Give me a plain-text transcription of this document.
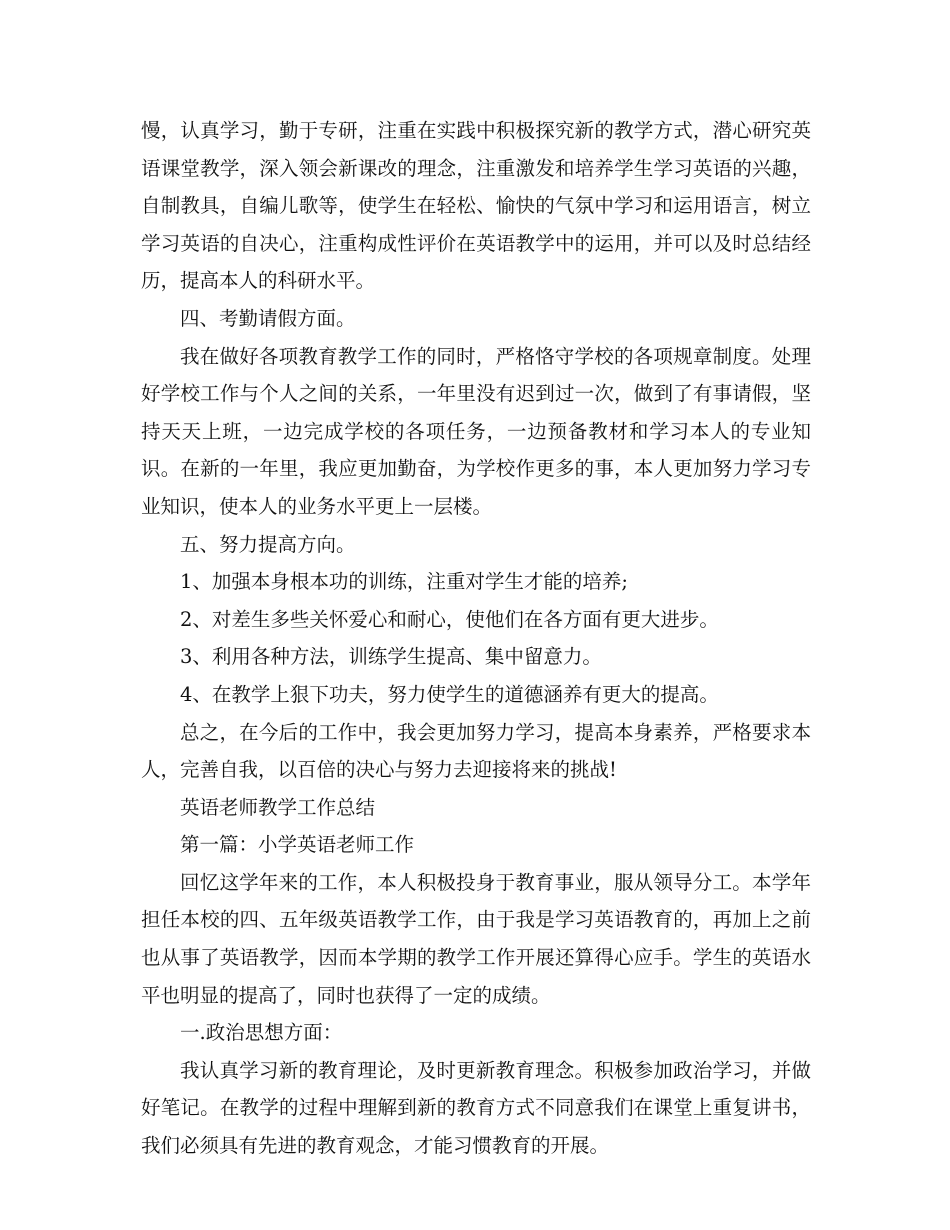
慢，认真学习，勤于专研，注重在实践中积极探究新的教学方式，潜心研究英语课堂教学，深入领会新课改的理念，注重激发和培养学生学习英语的兴趣，自制教具，自编儿歌等，使学生在轻松、愉快的气氛中学习和运用语言，树立学习英语的自决心，注重构成性评价在英语教学中的运用，并可以及时总结经历，提高本人的科研水平。

四、考勤请假方面。

我在做好各项教育教学工作的同时，严格恪守学校的各项规章制度。处理好学校工作与个人之间的关系，一年里没有迟到过一次，做到了有事请假，坚持天天上班，一边完成学校的各项任务，一边预备教材和学习本人的专业知识。在新的一年里，我应更加勤奋，为学校作更多的事，本人更加努力学习专业知识，使本人的业务水平更上一层楼。

五、努力提高方向。

1、加强本身根本功的训练，注重对学生才能的培养;

2、对差生多些关怀爱心和耐心，使他们在各方面有更大进步。

3、利用各种方法，训练学生提高、集中留意力。

4、在教学上狠下功夫，努力使学生的道德涵养有更大的提高。

总之，在今后的工作中，我会更加努力学习，提高本身素养，严格要求本人，完善自我，以百倍的决心与努力去迎接将来的挑战!

英语老师教学工作总结

第一篇：小学英语老师工作

回忆这学年来的工作，本人积极投身于教育事业，服从领导分工。本学年担任本校的四、五年级英语教学工作，由于我是学习英语教育的，再加上之前也从事了英语教学，因而本学期的教学工作开展还算得心应手。学生的英语水平也明显的提高了，同时也获得了一定的成绩。

一.政治思想方面：

我认真学习新的教育理论，及时更新教育理念。积极参加政治学习，并做好笔记。在教学的过程中理解到新的教育方式不同意我们在课堂上重复讲书，我们必须具有先进的教育观念，才能习惯教育的开展。
